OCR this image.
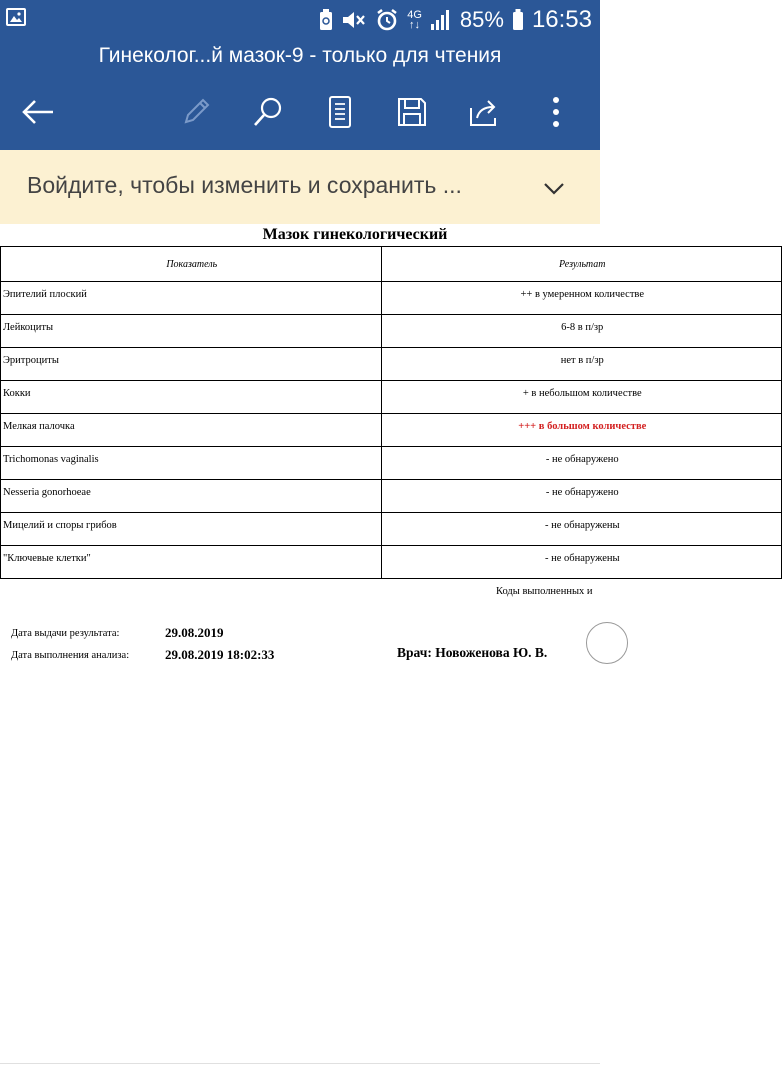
4G
↑↓ 85% 16:53
Гинеколог...й мазок-9 - только для чтения
Войдите, чтобы изменить и сохранить ...
Мазок гинекологический
Показатель	Результат
Эпителий плоский	++ в умеренном количестве
Лейкоциты	6-8 в п/зр
Эритроциты	нет в п/зр
Кокки	+ в небольшом количестве
Мелкая палочка	+++ в большом количестве
Trichomonas vaginalis	- не обнаружено
Nesseria gonorhoeae	- не обнаружено
Мицелий и споры грибов	- не обнаружены
"Ключевые клетки"	- не обнаружены
Коды выполненных и
Дата выдачи результата:	29.08.2019
Дата выполнения анализа:	29.08.2019 18:02:33	Врач: Новоженова Ю. В.
